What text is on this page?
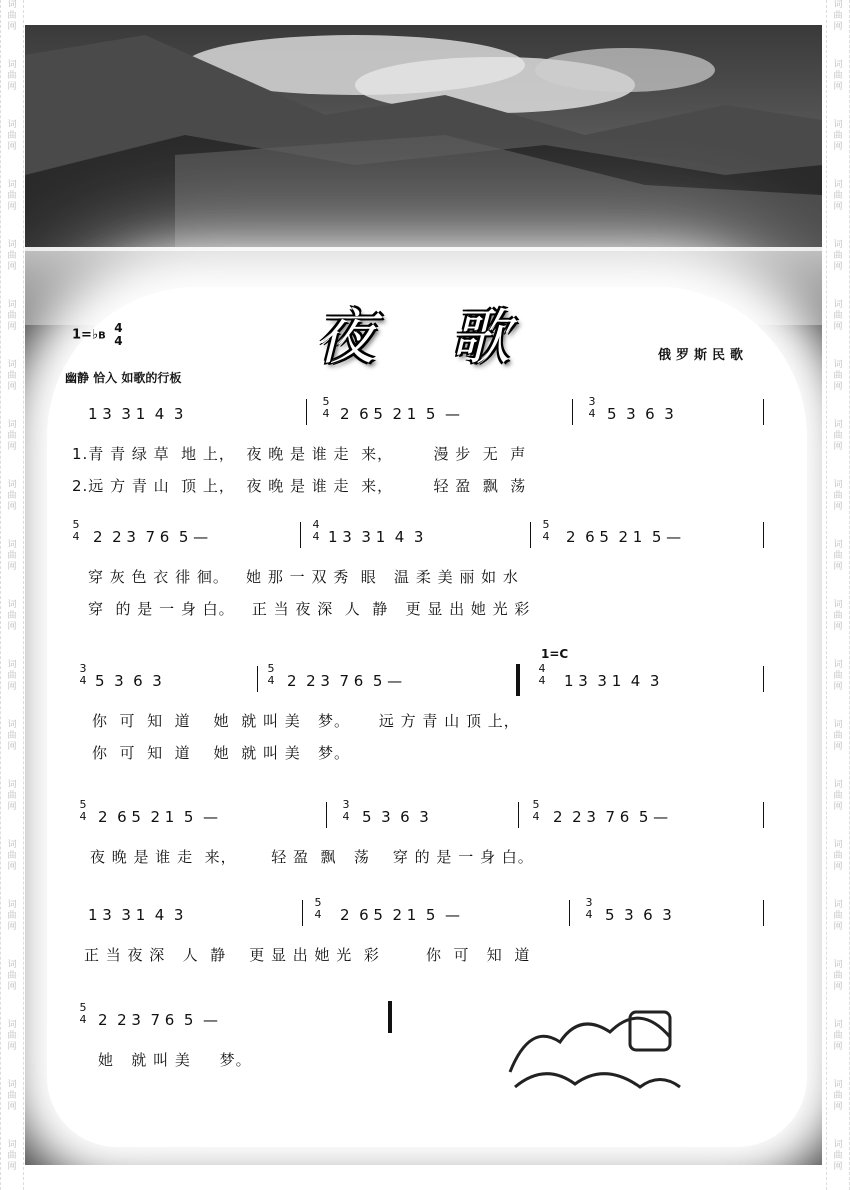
词
曲
网
词
曲
网
词
曲
网
词
曲
网
词
曲
网
词
曲
网
词
曲
网
词
曲
网
词
曲
网
词
曲
网
词
曲
网
词
曲
网
词
曲
网
词
曲
网
词
曲
网
词
曲
网
词
曲
网
词
曲
网
词
曲
网
词
曲
网
词
曲
网
词
曲
网
词
曲
网
词
曲
网
词
曲
网
词
曲
网
词
曲
网
词
曲
网
词
曲
网
词
曲
网
词
曲
网
词
曲
网
词
曲
网
词
曲
网
词
曲
网
词
曲
网
词
曲
网
词
曲
网
词
曲
网
词
曲
网
夜 歌
1=♭B
4
4
俄罗斯民歌
幽静 恰入 如歌的行板
1=C
1 3  3 1  4  3	2  6 5  2 1  5  —	5  3  6  3
5
4
3
4
1.青 青 绿 草  地 上，  夜 晚 是 谁 走  来，       漫 步  无  声
2.远 方 青 山  顶 上，  夜 晚 是 谁 走  来，       轻 盈  飘  荡
2  2 3  7 6  5 —	1 3  3 1  4  3	2  6 5  2 1  5 —
5
4
4
4
5
4
穿 灰 色 衣 徘 徊。   她 那 一 双 秀  眼   温 柔 美 丽 如 水
穿  的 是 一 身 白。   正 当 夜 深  人  静   更 显 出 她 光 彩
5  3  6  3	2  2 3  7 6  5 —	1 3  3 1  4  3
3
4
5
4
4
4
你  可  知  道    她  就 叫 美   梦。     远 方 青 山 顶 上，
你  可  知  道    她  就 叫 美   梦。
2  6 5  2 1  5  —	5  3  6  3	2  2 3  7 6  5 —
5
4
3
4
5
4
夜 晚 是 谁 走  来，      轻 盈  飘   荡    穿 的 是 一 身 白。
1 3  3 1  4  3	2  6 5  2 1  5  —	5  3  6  3
5
4
3
4
正 当 夜 深   人  静    更 显 出 她 光  彩        你  可   知  道
2  2 3  7 6  5  —
5
4
她   就 叫 美     梦。
